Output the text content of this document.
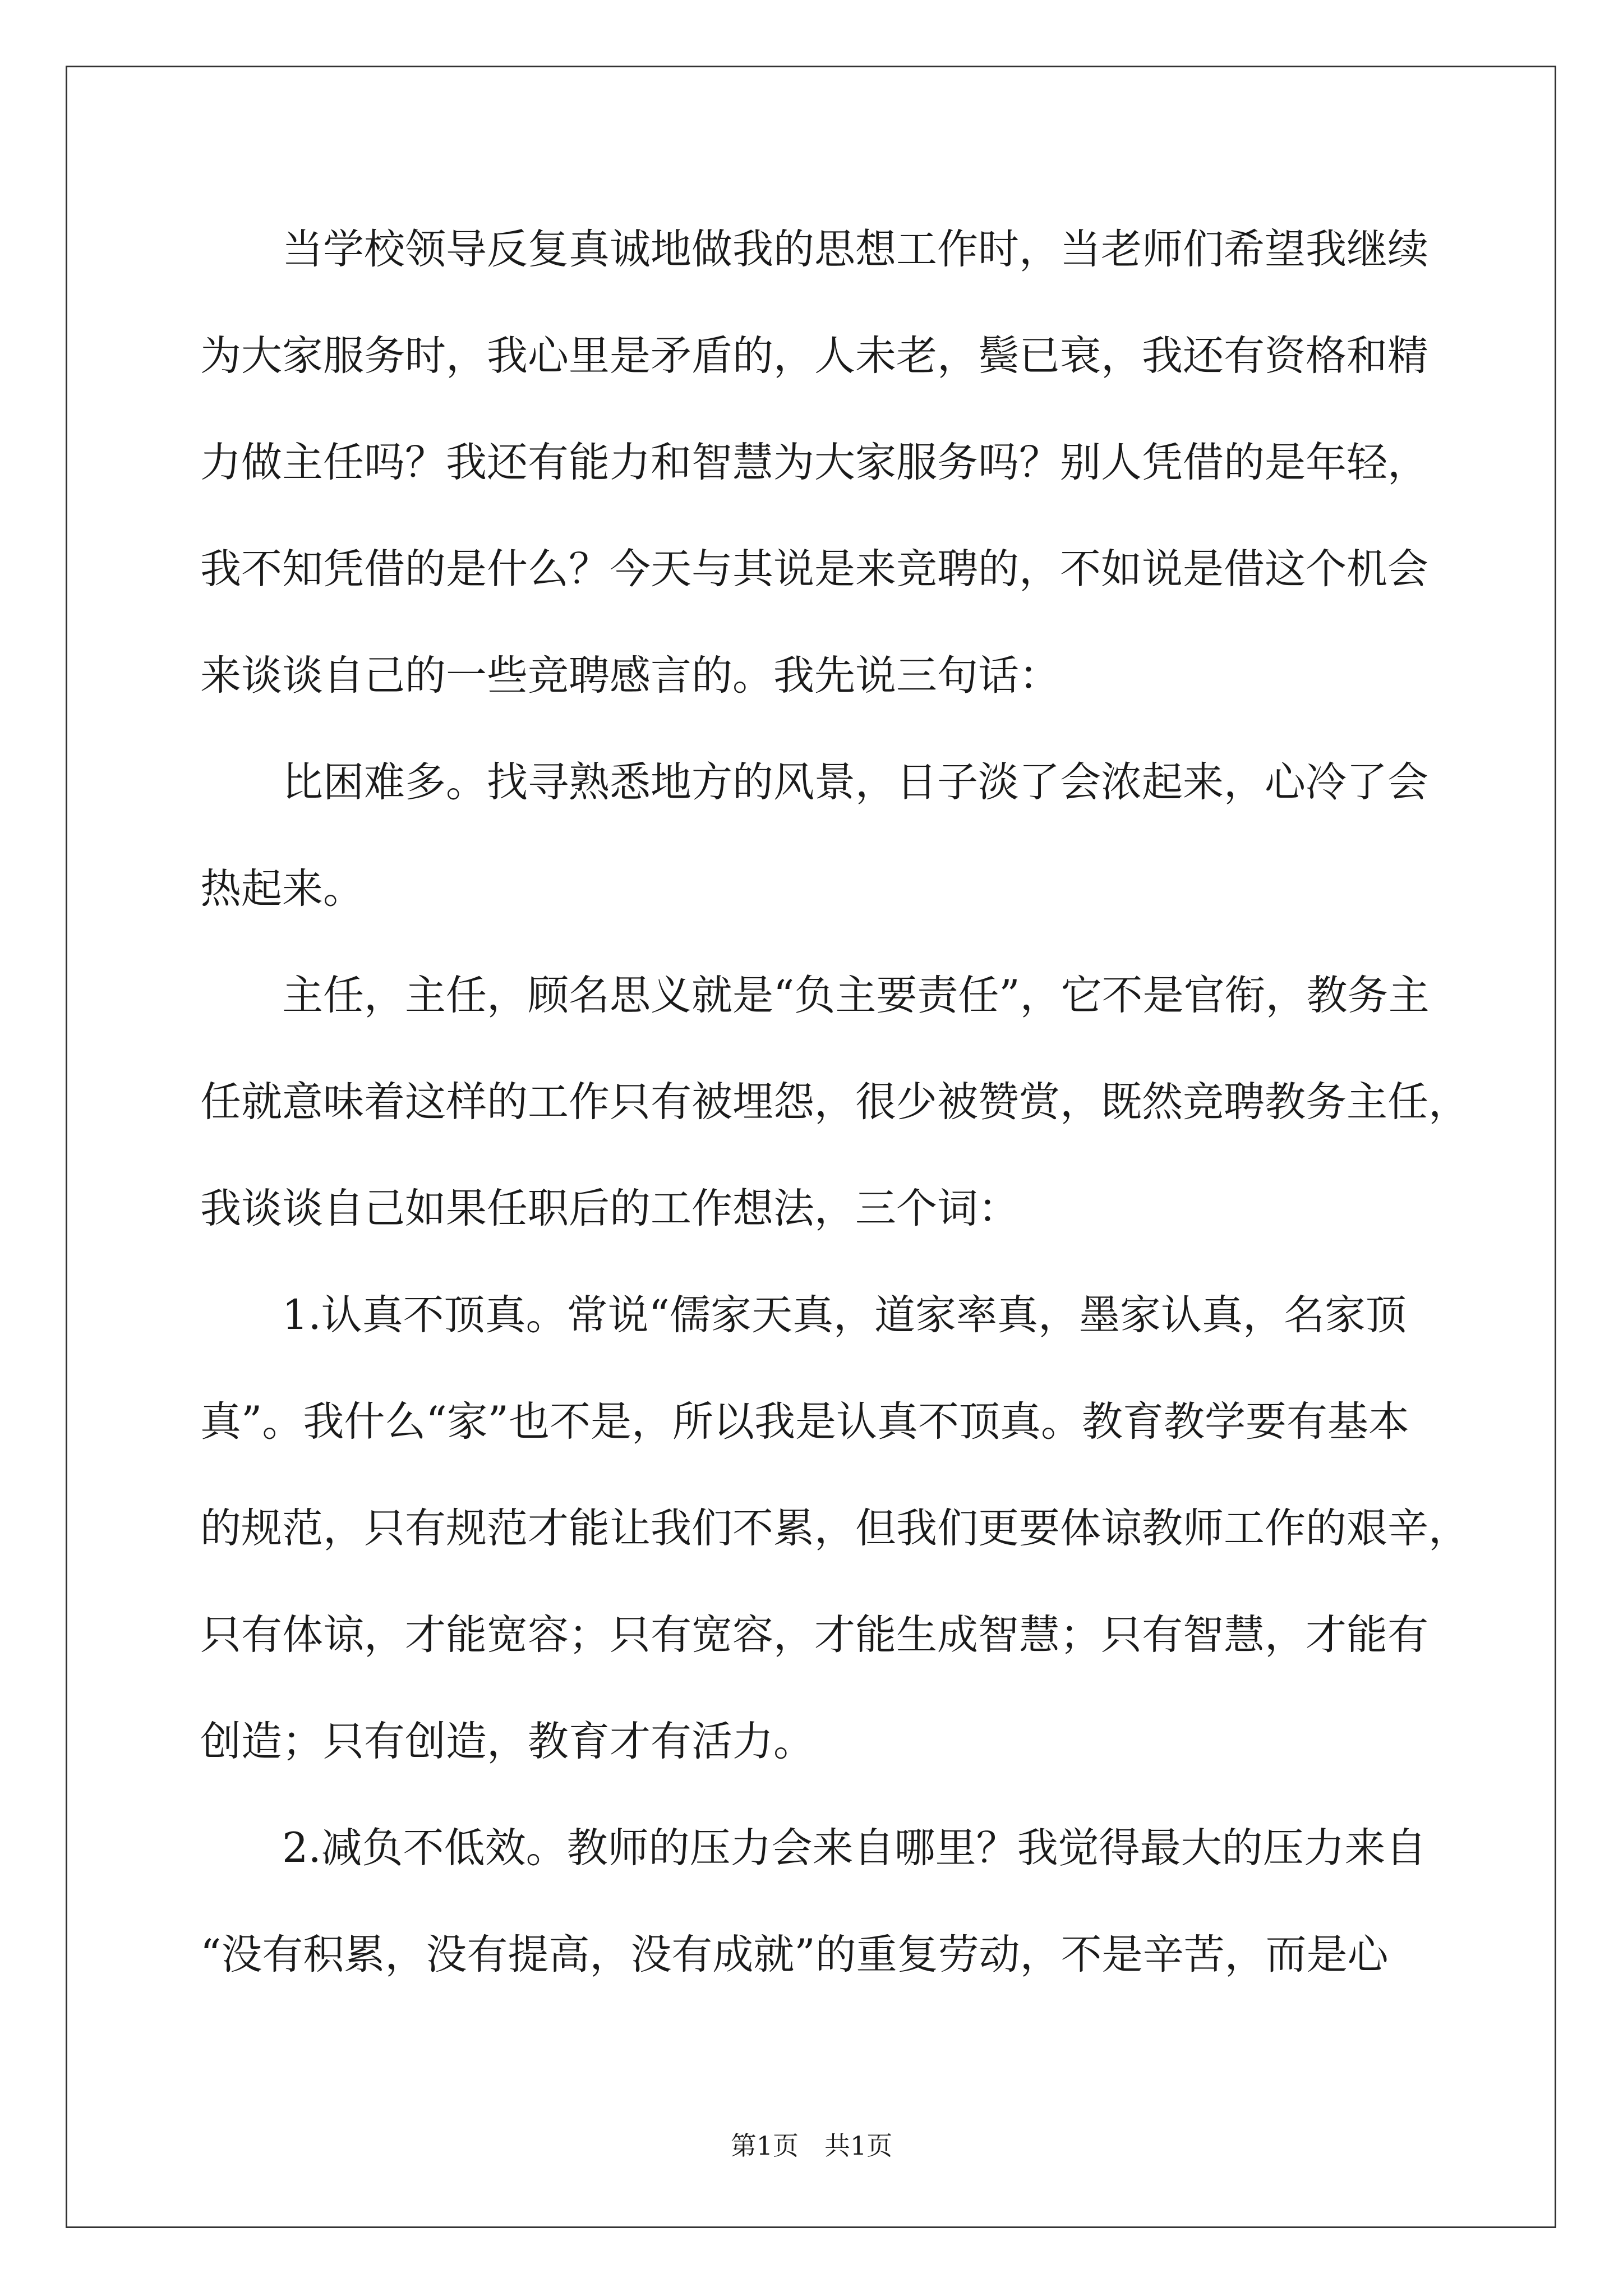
　　当学校领导反复真诚地做我的思想工作时，当老师们希望我继续
为大家服务时，我心里是矛盾的，人未老，鬓已衰，我还有资格和精
力做主任吗？我还有能力和智慧为大家服务吗？别人凭借的是年轻，
我不知凭借的是什么？今天与其说是来竞聘的，不如说是借这个机会
来谈谈自己的一些竞聘感言的。我先说三句话：
　　比困难多。找寻熟悉地方的风景，日子淡了会浓起来，心冷了会
热起来。
　　主任，主任，顾名思义就是“负主要责任”，它不是官衔，教务主
任就意味着这样的工作只有被埋怨，很少被赞赏，既然竞聘教务主任，
我谈谈自己如果任职后的工作想法，三个词：
　　1.认真不顶真。常说“儒家天真，道家率真，墨家认真，名家顶
真”。我什么“家”也不是，所以我是认真不顶真。教育教学要有基本
的规范，只有规范才能让我们不累，但我们更要体谅教师工作的艰辛，
只有体谅，才能宽容；只有宽容，才能生成智慧；只有智慧，才能有
创造；只有创造，教育才有活力。
　　2.减负不低效。教师的压力会来自哪里？我觉得最大的压力来自
“没有积累，没有提高，没有成就”的重复劳动，不是辛苦，而是心
第1页　共1页
